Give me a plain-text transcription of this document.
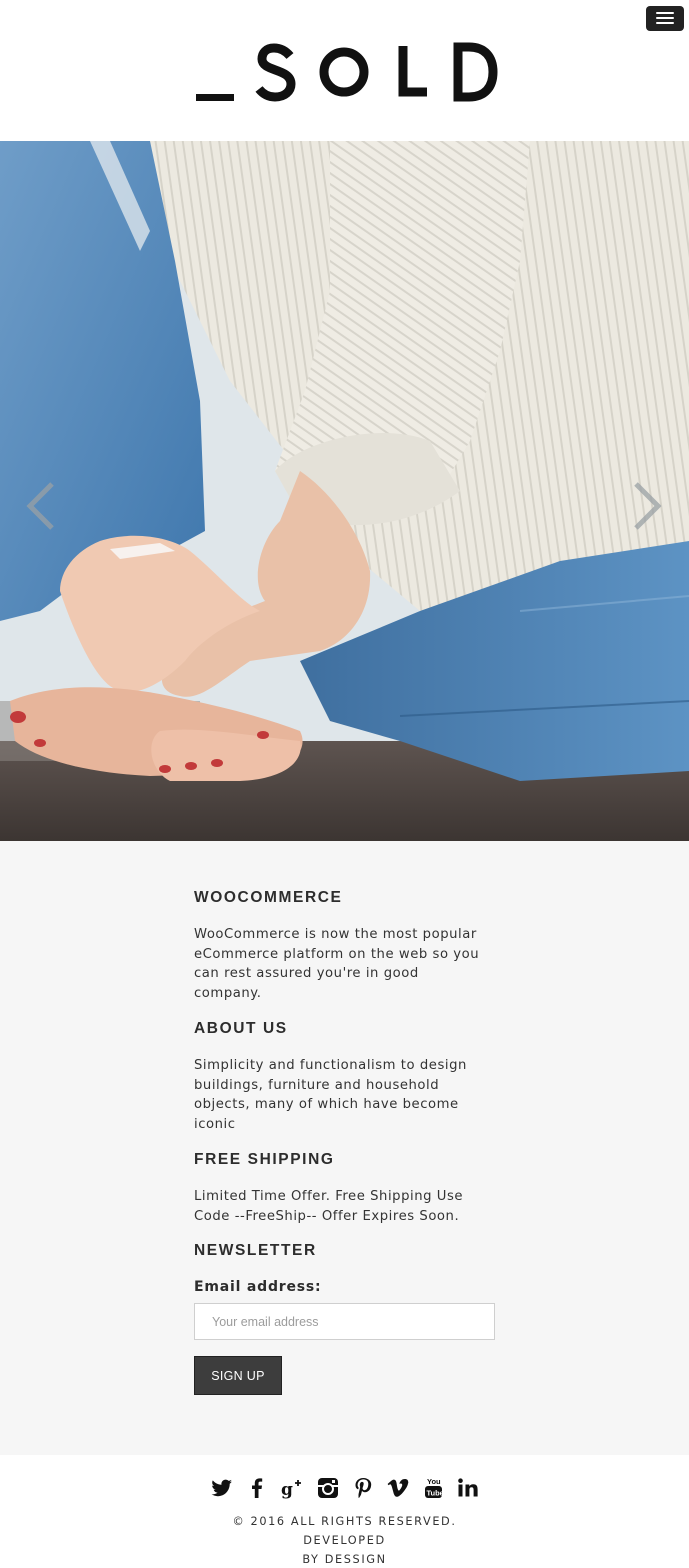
WOOCOMMERCE
WooCommerce is now the most popular
eCommerce platform on the web so you
can rest assured you're in good
company.
ABOUT US
Simplicity and functionalism to design
buildings, furniture and household
objects, many of which have become
iconic
FREE SHIPPING
Limited Time Offer. Free Shipping Use
Code --FreeShip-- Offer Expires Soon.
NEWSLETTER
Email address:
Your email address
SIGN UP
g	You
Tube
© 2016 ALL RIGHTS RESERVED. DEVELOPED
BY DESSIGN
